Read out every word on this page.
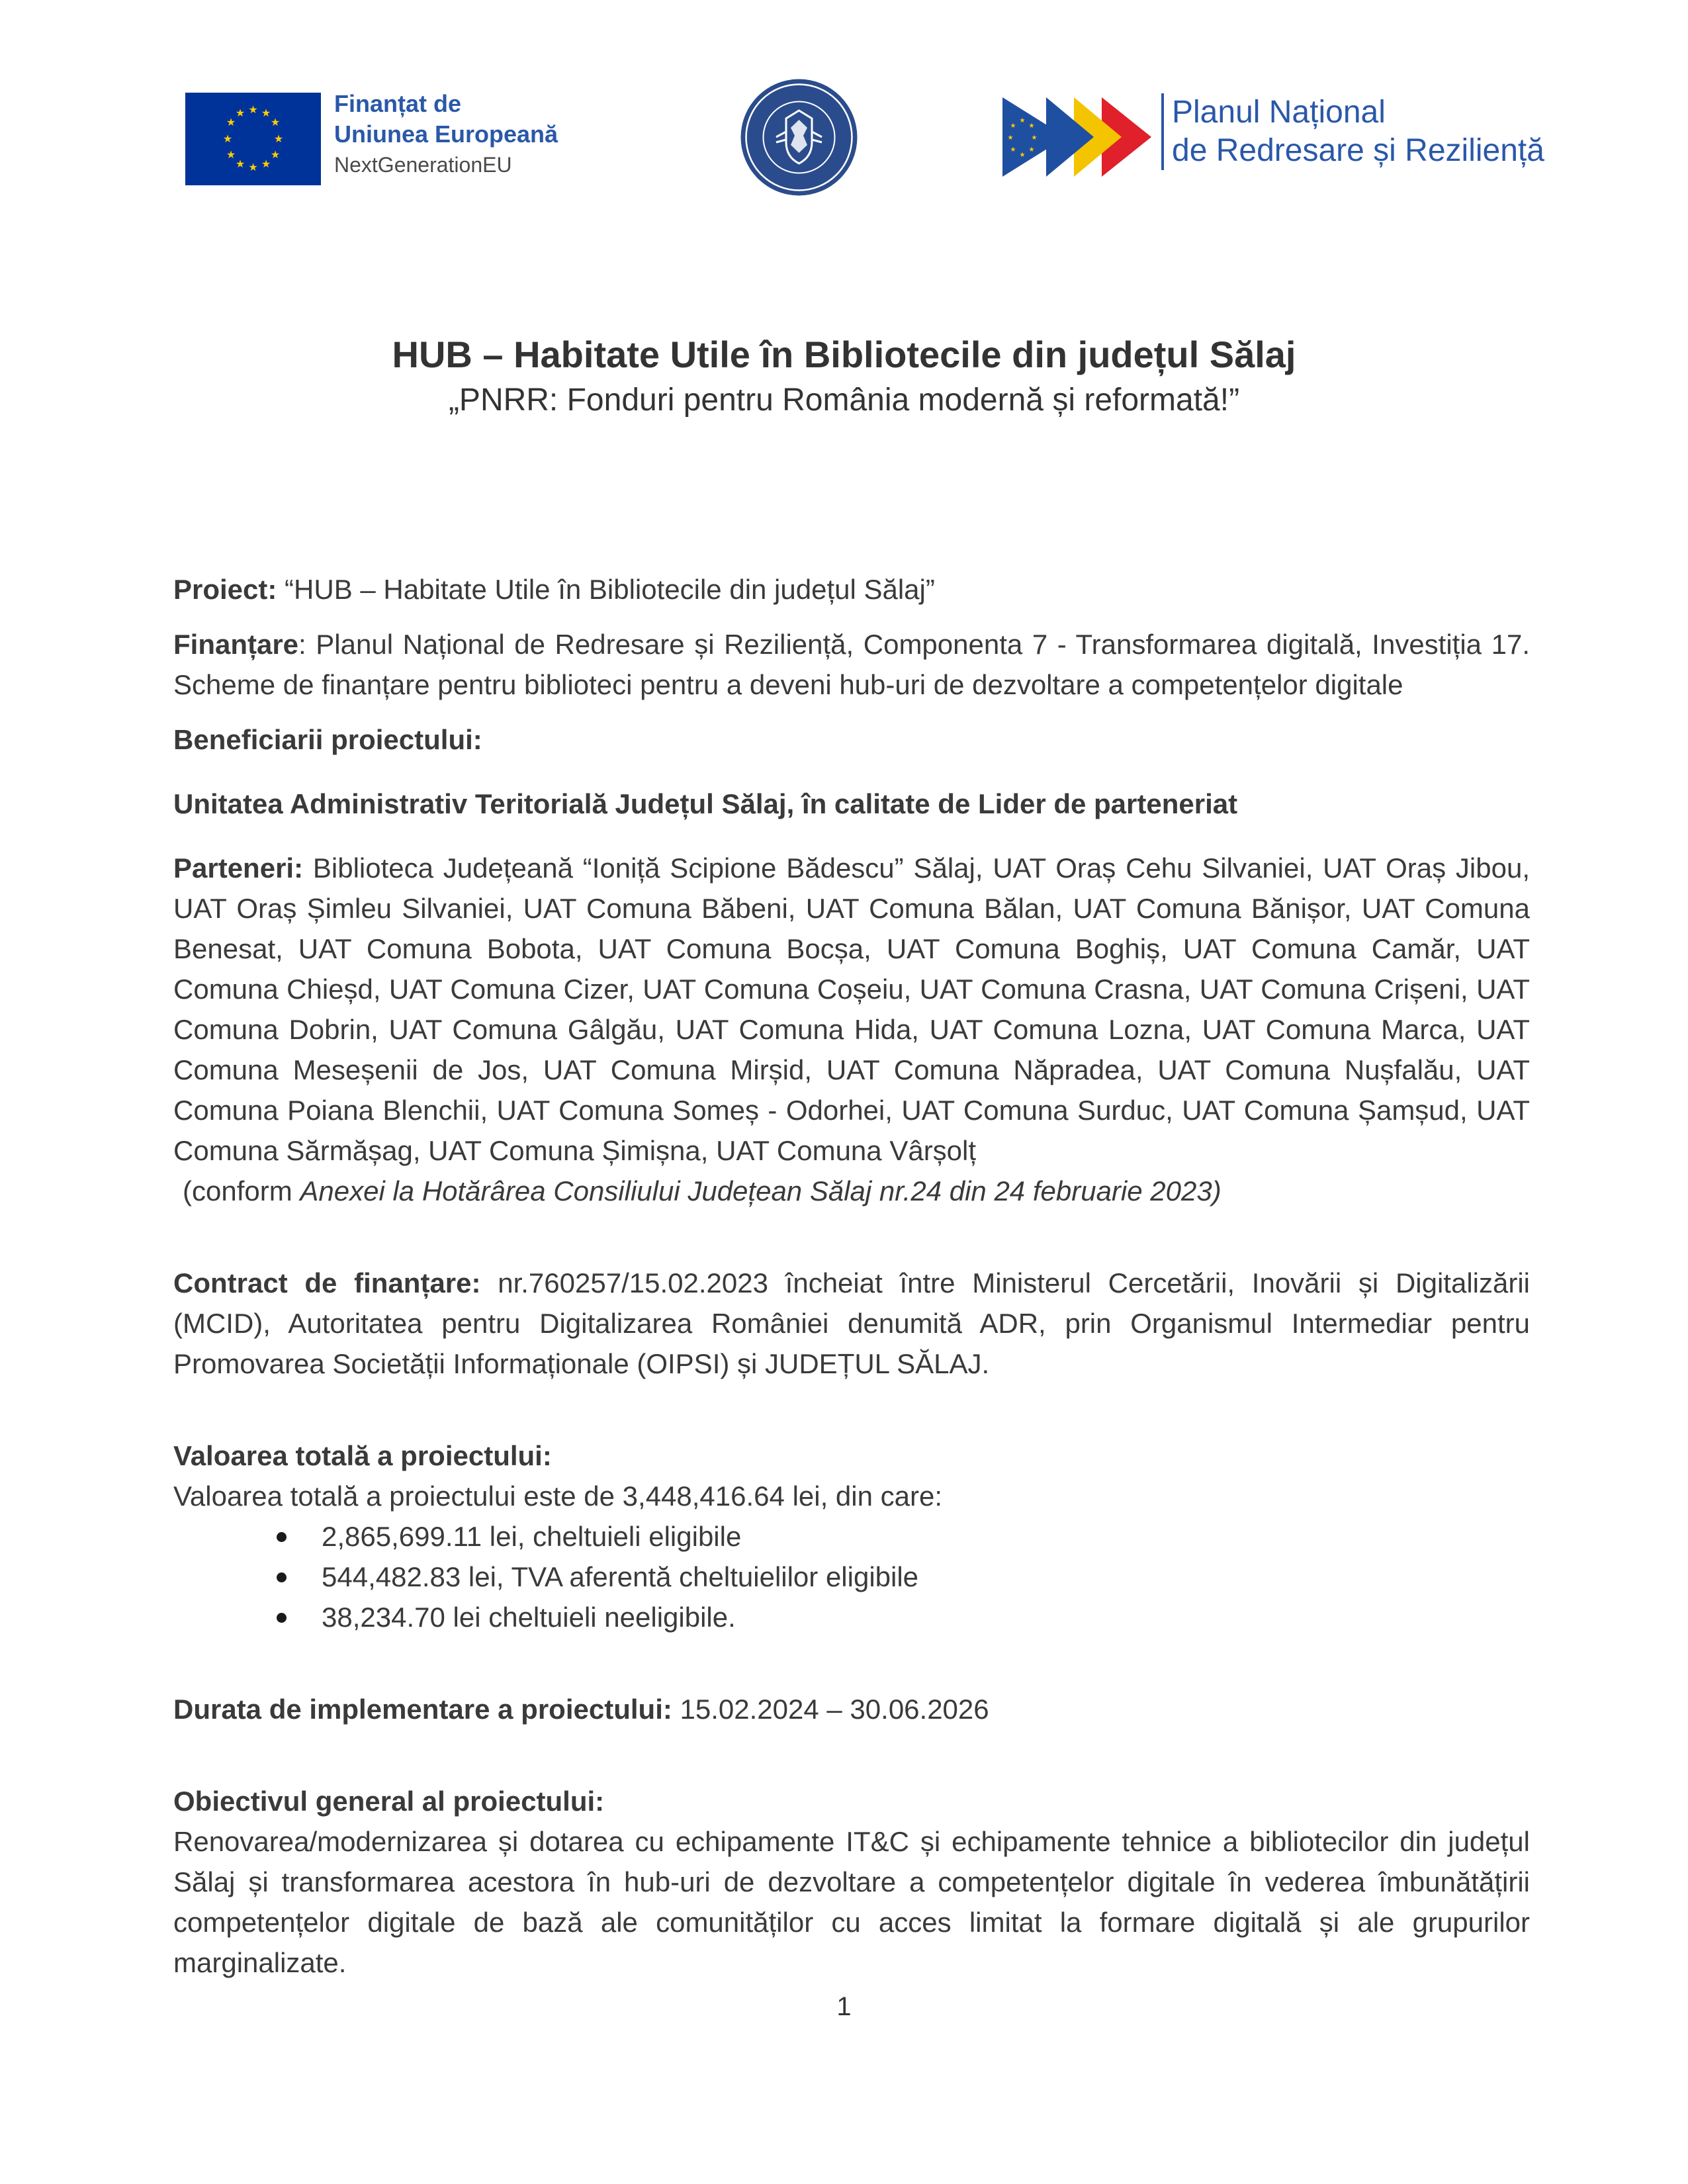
★ ★
★
★
★
★
★
★
★
★
★
★	Finanțat de
Uniunea Europeană
NextGenerationEU
★
★
★
★
★
★
★
★	Planul Național
de Redresare și Reziliență
HUB – Habitate Utile în Bibliotecile din județul Sălaj
„PNRR: Fonduri pentru România modernă și reformată!”

Proiect: “HUB – Habitate Utile în Bibliotecile din județul Sălaj”

Finanțare: Planul Național de Redresare și Reziliență, Componenta 7 - Transformarea digitală, Investiția 17. Scheme de finanțare pentru biblioteci pentru a deveni hub-uri de dezvoltare a competențelor digitale

Beneficiarii proiectului:

Unitatea Administrativ Teritorială Județul Sălaj, în calitate de Lider de parteneriat

Parteneri: Biblioteca Județeană “Ioniță Scipione Bădescu” Sălaj, UAT Oraș Cehu Silvaniei, UAT Oraș Jibou, UAT Oraș Șimleu Silvaniei, UAT Comuna Băbeni, UAT Comuna Bălan, UAT Comuna Bănișor, UAT Comuna Benesat, UAT Comuna Bobota, UAT Comuna Bocșa, UAT Comuna Boghiș, UAT Comuna Camăr, UAT Comuna Chieșd, UAT Comuna Cizer, UAT Comuna Coșeiu, UAT Comuna Crasna, UAT Comuna Crișeni, UAT Comuna Dobrin, UAT Comuna Gâlgău, UAT Comuna Hida, UAT Comuna Lozna, UAT Comuna Marca, UAT Comuna Meseșenii de Jos, UAT Comuna Mirșid, UAT Comuna Năpradea, UAT Comuna Nușfalău, UAT Comuna Poiana Blenchii, UAT Comuna Someș - Odorhei, UAT Comuna Surduc, UAT Comuna Șamșud, UAT Comuna Sărmășag, UAT Comuna Șimișna, UAT Comuna Vârșolț

(conform Anexei la Hotărârea Consiliului Județean Sălaj nr.24 din 24 februarie 2023)

Contract de finanțare: nr.760257/15.02.2023 încheiat între Ministerul Cercetării, Inovării și Digitalizării (MCID), Autoritatea pentru Digitalizarea României denumită ADR, prin Organismul Intermediar pentru Promovarea Societății Informaționale (OIPSI) și JUDEȚUL SĂLAJ.

Valoarea totală a proiectului:

Valoarea totală a proiectului este de 3,448,416.64 lei, din care:

2,865,699.11 lei, cheltuieli eligibile
544,482.83 lei, TVA aferentă cheltuielilor eligibile
38,234.70 lei cheltuieli neeligibile.

Durata de implementare a proiectului: 15.02.2024 – 30.06.2026

Obiectivul general al proiectului:

Renovarea/modernizarea și dotarea cu echipamente IT&C și echipamente tehnice a bibliotecilor din județul Sălaj și transformarea acestora în hub-uri de dezvoltare a competențelor digitale în vederea îmbunătățirii competențelor digitale de bază ale comunităților cu acces limitat la formare digitală și ale grupurilor marginalizate.

1
